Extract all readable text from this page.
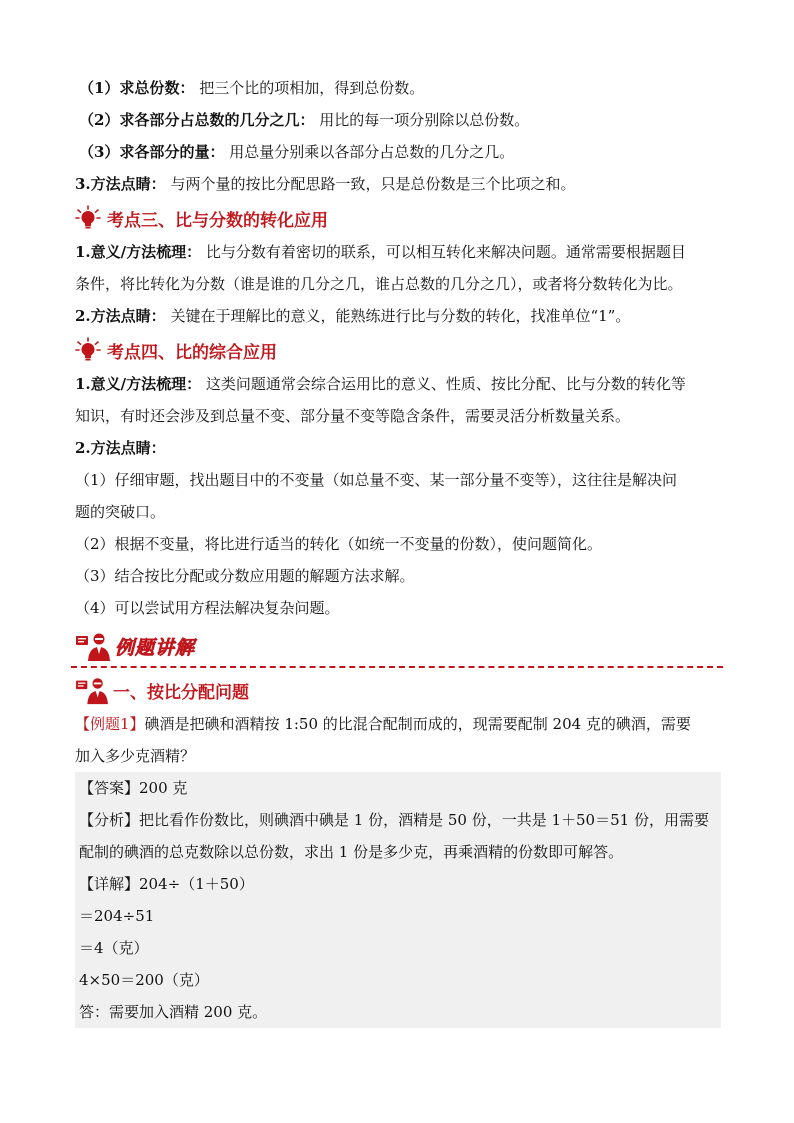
（1）求总份数： 把三个比的项相加，得到总份数。
（2）求各部分占总数的几分之几： 用比的每一项分别除以总份数。
（3）求各部分的量： 用总量分别乘以各部分占总数的几分之几。
3.方法点睛： 与两个量的按比分配思路一致，只是总份数是三个比项之和。
考点三、比与分数的转化应用
1.意义/方法梳理： 比与分数有着密切的联系，可以相互转化来解决问题。通常需要根据题目
条件，将比转化为分数（谁是谁的几分之几，谁占总数的几分之几），或者将分数转化为比。
2.方法点睛： 关键在于理解比的意义，能熟练进行比与分数的转化，找准单位“1”。
考点四、比的综合应用
1.意义/方法梳理： 这类问题通常会综合运用比的意义、性质、按比分配、比与分数的转化等
知识，有时还会涉及到总量不变、部分量不变等隐含条件，需要灵活分析数量关系。
2.方法点睛：
（1）仔细审题，找出题目中的不变量（如总量不变、某一部分量不变等），这往往是解决问
题的突破口。
（2）根据不变量，将比进行适当的转化（如统一不变量的份数），使问题简化。
（3）结合按比分配或分数应用题的解题方法求解。
（4）可以尝试用方程法解决复杂问题。
例题讲解
一、按比分配问题
【例题1】碘酒是把碘和酒精按 1:50 的比混合配制而成的，现需要配制 204 克的碘酒，需要
加入多少克酒精？
【答案】200 克
【分析】把比看作份数比，则碘酒中碘是 1 份，酒精是 50 份，一共是 1＋50＝51 份，用需要
配制的碘酒的总克数除以总份数，求出 1 份是多少克，再乘酒精的份数即可解答。
【详解】204÷（1＋50）
＝204÷51
＝4（克）
4×50＝200（克）
答：需要加入酒精 200 克。
